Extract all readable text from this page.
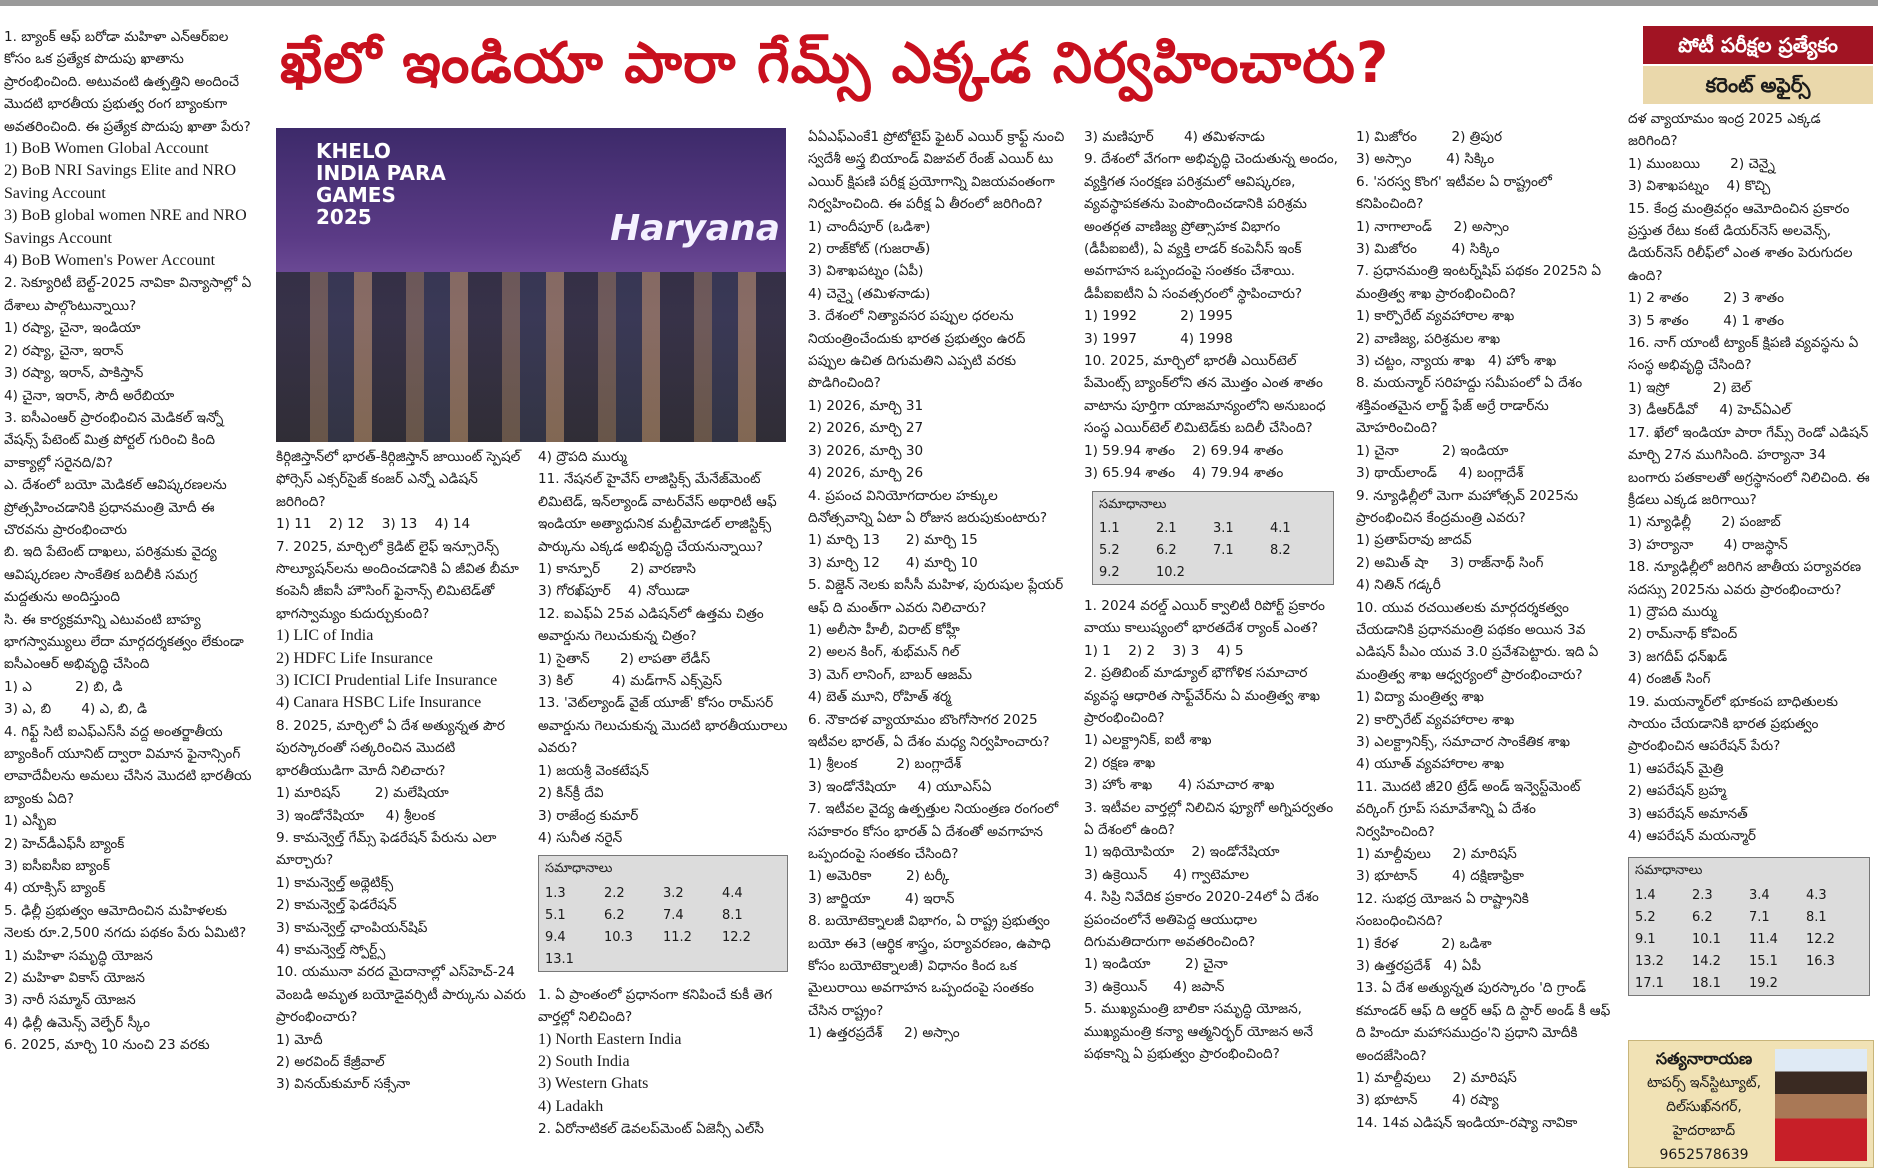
ఖేలో ఇండియా పారా గేమ్స్ ఎక్కడ నిర్వహించారు?	పోటీ పరీక్షల ప్రత్యేకం
కరెంట్ అఫైర్స్
KHELO INDIA PARA GAMES 2025	Haryana

1. బ్యాంక్ ఆఫ్ బరోడా మహిళా ఎన్‌ఆర్‌ఐల కోసం ఒక ప్రత్యేక పొదుపు ఖాతాను ప్రారంభించింది. అటువంటి ఉత్పత్తిని అందించే మొదటి భారతీయ ప్రభుత్వ రంగ బ్యాంకుగా అవతరించింది. ఈ ప్రత్యేక పొదుపు ఖాతా పేరు?

1) BoB Women Global Account

2) BoB NRI Savings Elite and NRO Saving Account

3) BoB global women NRE and NRO Savings Account

4) BoB Women's Power Account

2. సెక్యూరిటీ బెల్ట్-2025 నావికా విన్యాసాల్లో ఏ దేశాలు పాల్గొంటున్నాయి?

1) రష్యా, చైనా, ఇండియా

2) రష్యా, చైనా, ఇరాన్

3) రష్యా, ఇరాన్, పాకిస్తాన్

4) చైనా, ఇరాన్, సౌదీ అరేబియా

3. ఐసీఎంఆర్ ప్రారంభించిన మెడికల్ ఇన్నో వేషన్స్ పేటెంట్ మిత్ర పోర్టల్ గురించి కింది వాక్యాల్లో సరైనది/వి?

ఎ. దేశంలో బయో మెడికల్ ఆవిష్కరణలను ప్రోత్సహించడానికి ప్రధానమంత్రి మోదీ ఈ చొరవను ప్రారంభించారు

బి. ఇది పేటెంట్ దాఖలు, పరిశ్రమకు వైద్య ఆవిష్కరణల సాంకేతిక బదిలీకి సమగ్ర మద్దతును అందిస్తుంది

సి. ఈ కార్యక్రమాన్ని ఎటువంటి బాహ్య భాగస్వామ్యులు లేదా మార్గదర్శకత్వం లేకుండా ఐసీఎంఆర్ అభివృద్ధి చేసింది

1) ఎ          2) బి, డి

3) ఎ, బి       4) ఎ, బి, డి

4. గిఫ్ట్ సిటీ ఐఎఫ్‌ఎస్‌సీ వద్ద అంతర్జాతీయ బ్యాంకింగ్ యూనిట్ ద్వారా విమాన ఫైనాన్సింగ్ లావాదేవీలను అమలు చేసిన మొదటి భారతీయ బ్యాంకు ఏది?

1) ఎస్బీఐ

2) హెచ్‌డీఎఫ్‌సీ బ్యాంక్

3) ఐసీఐసీఐ బ్యాంక్

4) యాక్సిస్ బ్యాంక్

5. ఢిల్లీ ప్రభుత్వం ఆమోదించిన మహిళలకు నెలకు రూ.2,500 నగదు పథకం పేరు ఏమిటి?

1) మహిళా సమృద్ధి యోజన

2) మహిళా వికాస్ యోజన

3) నారీ సమ్మాన్ యోజన

4) ఢిల్లీ ఉమెన్స్ వెల్ఫేర్ స్కీం

6. 2025, మార్చి 10 నుంచి 23 వరకు

కిర్గిజిస్తాన్‌లో భారత్-కిర్గిజిస్తాన్ జాయింట్ స్పెషల్ ఫోర్సెస్ ఎక్సర్‌సైజ్ కంజర్ ఎన్నో ఎడిషన్ జరిగింది?

1) 11    2) 12    3) 13    4) 14

7. 2025, మార్చిలో క్రెడిట్ లైఫ్ ఇన్సూరెన్స్ సొల్యూషన్‌లను అందించడానికి ఏ జీవిత బీమా కంపెనీ జీఐసీ హౌసింగ్ ఫైనాన్స్ లిమిటెడ్‌తో భాగస్వామ్యం కుదుర్చుకుంది?

1) LIC of India

2) HDFC Life Insurance

3) ICICI Prudential Life Insurance

4) Canara HSBC Life Insurance

8. 2025, మార్చిలో ఏ దేశ అత్యున్నత పౌర పురస్కారంతో సత్కరించిన మొదటి భారతీయుడిగా మోదీ నిలిచారు?

1) మారిషస్        2) మలేషియా

3) ఇండోనేషియా     4) శ్రీలంక

9. కామన్వెల్త్ గేమ్స్ ఫెడరేషన్ పేరును ఎలా మార్చారు?

1) కామన్వెల్త్ అథ్లెటిక్స్

2) కామన్వెల్త్ ఫెడరేషన్

3) కామన్వెల్త్ ఛాంపియన్‌షిప్

4) కామన్వెల్త్ స్పోర్ట్స్

10. యమునా వరద మైదానాల్లో ఎస్‌హెచ్-24 వెంబడి అమృత బయోడైవర్సిటీ పార్కును ఎవరు ప్రారంభించారు?

1) మోదీ

2) అరవింద్ కేజ్రీవాల్

3) వినయ్‌కుమార్ సక్సేనా

4) ద్రౌపది ముర్ము

11. నేషనల్ హైవేస్ లాజిస్టిక్స్ మేనేజ్‌మెంట్ లిమిటెడ్, ఇన్‌ల్యాండ్ వాటర్‌వేస్ అథారిటీ ఆఫ్ ఇండియా అత్యాధునిక మల్టీమోడల్ లాజిస్టిక్స్ పార్కును ఎక్కడ అభివృద్ధి చేయనున్నాయి?

1) కాన్పూర్       2) వారణాసి

3) గోరఖ్‌పూర్    4) నోయిడా

12. ఐఎఫ్‌ఏ 25వ ఎడిషన్‌లో ఉత్తమ చిత్రం అవార్డును గెలుచుకున్న చిత్రం?

1) సైతాన్       2) లాపతా లేడీస్

3) కిల్         4) మడ్‌గాన్ ఎక్స్‌ప్రెస్

13. 'వెట్‌ల్యాండ్ వైజ్ యూజ్' కోసం రామ్‌సర్ అవార్డును గెలుచుకున్న మొదటి భారతీయురాలు ఎవరు?

1) జయశ్రీ వెంకటేషన్

2) కిన్‌క్రీ దేవి

3) రాజేంద్ర కుమార్

4) సునీత నరైన్

సమాధానాలు
1.3	2.2	3.2	4.4
5.1	6.2	7.4	8.1
9.4	10.3	11.2	12.2
13.1

1. ఏ ప్రాంతంలో ప్రధానంగా కనిపించే కుకీ తెగ వార్తల్లో నిలిచింది?

1) North Eastern India

2) South India

3) Western Ghats

4) Ladakh

2. ఏరోనాటికల్ డెవలప్‌మెంట్ ఏజెన్సీ ఎల్‌సీ

ఏఏఎఫ్ఎంకే1 ప్రోటోటైప్ ఫైటర్ ఎయిర్ క్రాఫ్ట్ నుంచి స్వదేశీ అస్త్ర బియాండ్ విజువల్ రేంజ్ ఎయిర్ టు ఎయిర్ క్షిపణి పరీక్ష ప్రయోగాన్ని విజయవంతంగా నిర్వహించింది. ఈ పరీక్ష ఏ తీరంలో జరిగింది?

1) చాందీపూర్ (ఒడిశా)

2) రాజ్‌కోట్ (గుజరాత్)

3) విశాఖపట్నం (ఏపీ)

4) చెన్నై (తమిళనాడు)

3. దేశంలో నిత్యావసర పప్పుల ధరలను నియంత్రించేందుకు భారత ప్రభుత్వం ఉరద్ పప్పుల ఉచిత దిగుమతిని ఎప్పటి వరకు పొడిగించింది?

1) 2026, మార్చి 31

2) 2026, మార్చి 27

3) 2026, మార్చి 30

4) 2026, మార్చి 26

4. ప్రపంచ వినియోగదారుల హక్కుల దినోత్సవాన్ని ఏటా ఏ రోజున జరుపుకుంటారు?

1) మార్చి 13      2) మార్చి 15

3) మార్చి 12      4) మార్చి 10

5. విజ్డెన్ నెలకు ఐసీసీ మహిళ, పురుషుల ప్లేయర్ ఆఫ్ ది మంత్‌గా ఎవరు నిలిచారు?

1) అలీసా హీలీ, విరాట్ కోహ్లీ

2) అలన కింగ్, శుభ్‌మన్ గిల్

3) మెగ్ లానింగ్, బాబర్ ఆజమ్

4) బెత్ మూని, రోహిత్ శర్మ

6. నౌకాదళ వ్యాయామం బొంగోసాగర 2025 ఇటీవల భారత్, ఏ దేశం మధ్య నిర్వహించారు?

1) శ్రీలంక         2) బంగ్లాదేశ్

3) ఇండోనేషియా     4) యూఎస్ఏ

7. ఇటీవల వైద్య ఉత్పత్తుల నియంత్రణ రంగంలో సహకారం కోసం భారత్ ఏ దేశంతో అవగాహన ఒప్పందంపై సంతకం చేసింది?

1) అమెరికా        2) టర్కీ

3) జార్జియా        4) ఇరాన్

8. బయోటెక్నాలజీ విభాగం, ఏ రాష్ట్ర ప్రభుత్వం బయో ఈ3 (ఆర్థిక శాస్త్రం, పర్యావరణం, ఉపాధి కోసం బయోటెక్నాలజీ) విధానం కింద ఒక మైలురాయి అవగాహన ఒప్పందంపై సంతకం చేసిన రాష్ట్రం?

1) ఉత్తరప్రదేశ్     2) అస్సాం

3) మణిపూర్       4) తమిళనాడు

9. దేశంలో వేగంగా అభివృద్ధి చెందుతున్న అందం, వ్యక్తిగత సంరక్షణ పరిశ్రమలో ఆవిష్కరణ, వ్యవస్థాపకతను పెంపొందించడానికి పరిశ్రమ అంతర్గత వాణిజ్య ప్రోత్సాహక విభాగం (డీపీఐఐటీ), ఏ వ్యక్తి లాడర్ కంపెనీస్ ఇంక్ అవగాహన ఒప్పందంపై సంతకం చేశాయి. డీపీఐఐటీని ఏ సంవత్సరంలో స్థాపించారు?

1) 1992          2) 1995

3) 1997          4) 1998

10. 2025, మార్చిలో భారతీ ఎయిర్‌టెల్ పేమెంట్స్ బ్యాంక్‌లోని తన మొత్తం ఎంత శాతం వాటాను పూర్తిగా యాజమాన్యంలోని అనుబంధ సంస్థ ఎయిర్‌టెల్ లిమిటెడ్‌కు బదిలీ చేసింది?

1) 59.94 శాతం    2) 69.94 శాతం

3) 65.94 శాతం    4) 79.94 శాతం

సమాధానాలు
1.1	2.1	3.1	4.1
5.2	6.2	7.1	8.2
9.2	10.2

1. 2024 వరల్డ్ ఎయిర్ క్వాలిటీ రిపోర్ట్ ప్రకారం వాయు కాలుష్యంలో భారతదేశ ర్యాంక్ ఎంత?

1) 1    2) 2    3) 3    4) 5

2. ప్రతిబింబ్ మాడ్యూల్ భౌగోళిక సమాచార వ్యవస్థ ఆధారిత సాఫ్ట్‌వేర్‌ను ఏ మంత్రిత్వ శాఖ ప్రారంభించింది?

1) ఎలక్ట్రానిక్, ఐటీ శాఖ

2) రక్షణ శాఖ

3) హోం శాఖ      4) సమాచార శాఖ

3. ఇటీవల వార్తల్లో నిలిచిన ఫ్యూగో అగ్నిపర్వతం ఏ దేశంలో ఉంది?

1) ఇథియోపియా    2) ఇండోనేషియా

3) ఉక్రెయిన్      4) గ్వాటెమాల

4. సిప్రి నివేదిక ప్రకారం 2020-24లో ఏ దేశం ప్రపంచంలోనే అతిపెద్ద ఆయుధాల దిగుమతిదారుగా అవతరించింది?

1) ఇండియా        2) చైనా

3) ఉక్రెయిన్      4) జపాన్

5. ముఖ్యమంత్రి బాలికా సమృద్ధి యోజన, ముఖ్యమంత్రి కన్యా ఆత్మనిర్భర్ యోజన అనే పథకాన్ని ఏ ప్రభుత్వం ప్రారంభించింది?

1) మిజోరం        2) త్రిపుర

3) అస్సాం        4) సిక్కిం

6. 'సరస్వ కొంగ' ఇటీవల ఏ రాష్ట్రంలో కనిపించింది?

1) నాగాలాండ్     2) అస్సాం

3) మిజోరం        4) సిక్కిం

7. ప్రధానమంత్రి ఇంటర్న్‌షిప్ పథకం 2025ని ఏ మంత్రిత్వ శాఖ ప్రారంభించింది?

1) కార్పొరేట్ వ్యవహారాల శాఖ

2) వాణిజ్య, పరిశ్రమల శాఖ

3) చట్టం, న్యాయ శాఖ   4) హోం శాఖ

8. మయన్మార్ సరిహద్దు సమీపంలో ఏ దేశం శక్తివంతమైన లార్జ్ ఫేజ్ అర్రే రాడార్‌ను మోహరించింది?

1) చైనా          2) ఇండియా

3) థాయ్‌లాండ్     4) బంగ్లాదేశ్

9. న్యూఢిల్లీలో మెగా మహోత్సవ్ 2025ను ప్రారంభించిన కేంద్రమంత్రి ఎవరు?

1) ప్రతాప్‌రావు జాదవ్

2) అమిత్ షా     3) రాజ్‌నాథ్ సింగ్

4) నితిన్ గడ్కరీ

10. యువ రచయితలకు మార్గదర్శకత్వం చేయడానికి ప్రధానమంత్రి పథకం అయిన 3వ ఎడిషన్ పీఎం యువ 3.0 ప్రవేశపెట్టారు. ఇది ఏ మంత్రిత్వ శాఖ ఆధ్వర్యంలో ప్రారంభించారు?

1) విద్యా మంత్రిత్వ శాఖ

2) కార్పొరేట్ వ్యవహారాల శాఖ

3) ఎలక్ట్రానిక్స్, సమాచార సాంకేతిక శాఖ

4) యూత్ వ్యవహారాల శాఖ

11. మొదటి జీ20 ట్రేడ్ అండ్ ఇన్వెస్ట్‌మెంట్ వర్కింగ్ గ్రూప్ సమావేశాన్ని ఏ దేశం నిర్వహించింది?

1) మాల్దీవులు     2) మారిషస్

3) భూటాన్        4) దక్షిణాఫ్రికా

12. సుభద్ర యోజన ఏ రాష్ట్రానికి సంబంధించినది?

1) కేరళ          2) ఒడిశా

3) ఉత్తరప్రదేశ్   4) ఏపీ

13. ఏ దేశ అత్యున్నత పురస్కారం 'ది గ్రాండ్ కమాండర్ ఆఫ్ ది ఆర్డర్ ఆఫ్ ది స్టార్ అండ్ కీ ఆఫ్ ది హిందూ మహాసముద్రం'ని ప్రధాని మోదీకి అందజేసింది?

1) మాల్దీవులు     2) మారిషస్

3) భూటాన్        4) రష్యా

14. 14వ ఎడిషన్ ఇండియా-రష్యా నావికా

దళ వ్యాయామం ఇంద్ర 2025 ఎక్కడ జరిగింది?

1) ముంబయి       2) చెన్నై

3) విశాఖపట్నం    4) కొచ్చి

15. కేంద్ర మంత్రివర్గం ఆమోదించిన ప్రకారం ప్రస్తుత రేటు కంటే డియర్‌నెస్ అలవెన్స్, డియర్‌నెస్ రిలీఫ్‌లో ఎంత శాతం పెరుగుదల ఉంది?

1) 2 శాతం        2) 3 శాతం

3) 5 శాతం        4) 1 శాతం

16. నాగ్ యాంటీ ట్యాంక్ క్షిపణి వ్యవస్థను ఏ సంస్థ అభివృద్ధి చేసింది?

1) ఇస్రో          2) బెల్

3) డీఆర్‌డీవో     4) హెచ్ఏఎల్

17. ఖేలో ఇండియా పారా గేమ్స్ రెండో ఎడిషన్ మార్చి 27న ముగిసింది. హర్యానా 34 బంగారు పతకాలతో అగ్రస్థానంలో నిలిచింది. ఈ క్రీడలు ఎక్కడ జరిగాయి?

1) న్యూఢిల్లీ       2) పంజాబ్

3) హర్యానా       4) రాజస్థాన్

18. న్యూఢిల్లీలో జరిగిన జాతీయ పర్యావరణ సదస్సు 2025ను ఎవరు ప్రారంభించారు?

1) ద్రౌపది ముర్ము

2) రామ్‌నాథ్ కోవింద్

3) జగదీప్ ధన్‌ఖడ్

4) రంజిత్ సింగ్

19. మయన్మార్‌లో భూకంప బాధితులకు సాయం చేయడానికి భారత ప్రభుత్వం ప్రారంభించిన ఆపరేషన్ పేరు?

1) ఆపరేషన్ మైత్రి

2) ఆపరేషన్ బ్రహ్మ

3) ఆపరేషన్ అమానత్

4) ఆపరేషన్ మయన్మార్

సమాధానాలు
1.4	2.3	3.4	4.3
5.2	6.2	7.1	8.1
9.1	10.1	11.4	12.2
13.2	14.2	15.1	16.3
17.1	18.1	19.2
సత్యనారాయణ
టాపర్స్ ఇన్‌స్టిట్యూట్,
దిల్‌సుఖ్‌నగర్,
హైదరాబాద్
9652578639
